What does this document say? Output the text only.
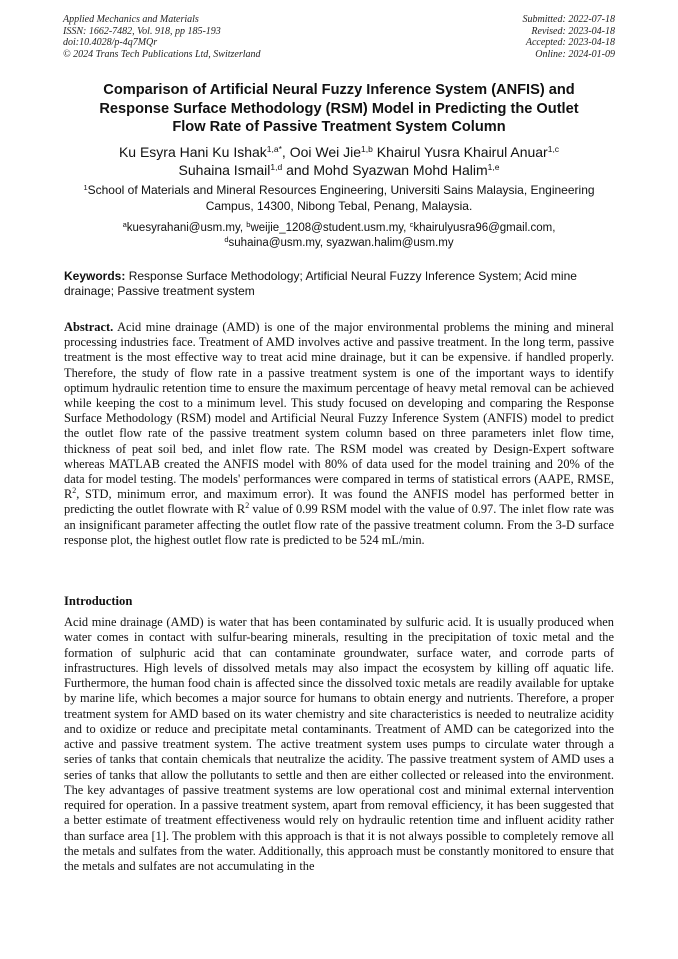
Applied Mechanics and Materials
ISSN: 1662-7482, Vol. 918, pp 185-193
doi:10.4028/p-4q7MQr
© 2024 Trans Tech Publications Ltd, Switzerland
Submitted: 2022-07-18
Revised: 2023-04-18
Accepted: 2023-04-18
Online: 2024-01-09
Comparison of Artificial Neural Fuzzy Inference System (ANFIS) and
Response Surface Methodology (RSM) Model in Predicting the Outlet
Flow Rate of Passive Treatment System Column
Ku Esyra Hani Ku Ishak$^{1,a*}$, Ooi Wei Jie$^{1,b}$ Khairul Yusra Khairul Anuar$^{1,c}$
Suhaina Ismail$^{1,d}$ and Mohd Syazwan Mohd Halim$^{1,e}$
$^1$School of Materials and Mineral Resources Engineering, Universiti Sains Malaysia, Engineering
Campus, 14300, Nibong Tebal, Penang, Malaysia.
$^a$kuesyrahani@usm.my, $^b$weijie_1208@student.usm.my, $^c$khairulyusra96@gmail.com,
$^d$suhaina@usm.my, syazwan.halim@usm.my
Keywords: Response Surface Methodology; Artificial Neural Fuzzy Inference System; Acid mine drainage; Passive treatment system
Abstract. Acid mine drainage (AMD) is one of the major environmental problems the mining and mineral processing industries face. Treatment of AMD involves active and passive treatment. In the long term, passive treatment is the most effective way to treat acid mine drainage, but it can be expensive. if handled properly. Therefore, the study of flow rate in a passive treatment system is one of the important ways to identify optimum hydraulic retention time to ensure the maximum percentage of heavy metal removal can be achieved while keeping the cost to a minimum level. This study focused on developing and comparing the Response Surface Methodology (RSM) model and Artificial Neural Fuzzy Inference System (ANFIS) model to predict the outlet flow rate of the passive treatment system column based on three parameters inlet flow time, thickness of peat soil bed, and inlet flow rate. The RSM model was created by Design-Expert software whereas MATLAB created the ANFIS model with 80% of data used for the model training and 20% of the data for model testing. The models' performances were compared in terms of statistical errors (AAPE, RMSE, $R^2$, STD, minimum error, and maximum error). It was found the ANFIS model has performed better in predicting the outlet flowrate with $R^2$ value of 0.99 RSM model with the value of 0.97. The inlet flow rate was an insignificant parameter affecting the outlet flow rate of the passive treatment column. From the 3-D surface response plot, the highest outlet flow rate is predicted to be 524 mL/min.
Introduction
Acid mine drainage (AMD) is water that has been contaminated by sulfuric acid. It is usually produced when water comes in contact with sulfur-bearing minerals, resulting in the precipitation of toxic metal and the formation of sulphuric acid that can contaminate groundwater, surface water, and corrode parts of infrastructures. High levels of dissolved metals may also impact the ecosystem by killing off aquatic life. Furthermore, the human food chain is affected since the dissolved toxic metals are readily available for uptake by marine life, which becomes a major source for humans to obtain energy and nutrients. Therefore, a proper treatment system for AMD based on its water chemistry and site characteristics is needed to neutralize acidity and to oxidize or reduce and precipitate metal contaminants. Treatment of AMD can be categorized into the active and passive treatment system. The active treatment system uses pumps to circulate water through a series of tanks that contain chemicals that neutralize the acidity. The passive treatment system of AMD uses a series of tanks that allow the pollutants to settle and then are either collected or released into the environment. The key advantages of passive treatment systems are low operational cost and minimal external intervention required for operation. In a passive treatment system, apart from removal efficiency, it has been suggested that a better estimate of treatment effectiveness would rely on hydraulic retention time and influent acidity rather than surface area [1]. The problem with this approach is that it is not always possible to completely remove all the metals and sulfates from the water. Additionally, this approach must be constantly monitored to ensure that the metals and sulfates are not accumulating in the
